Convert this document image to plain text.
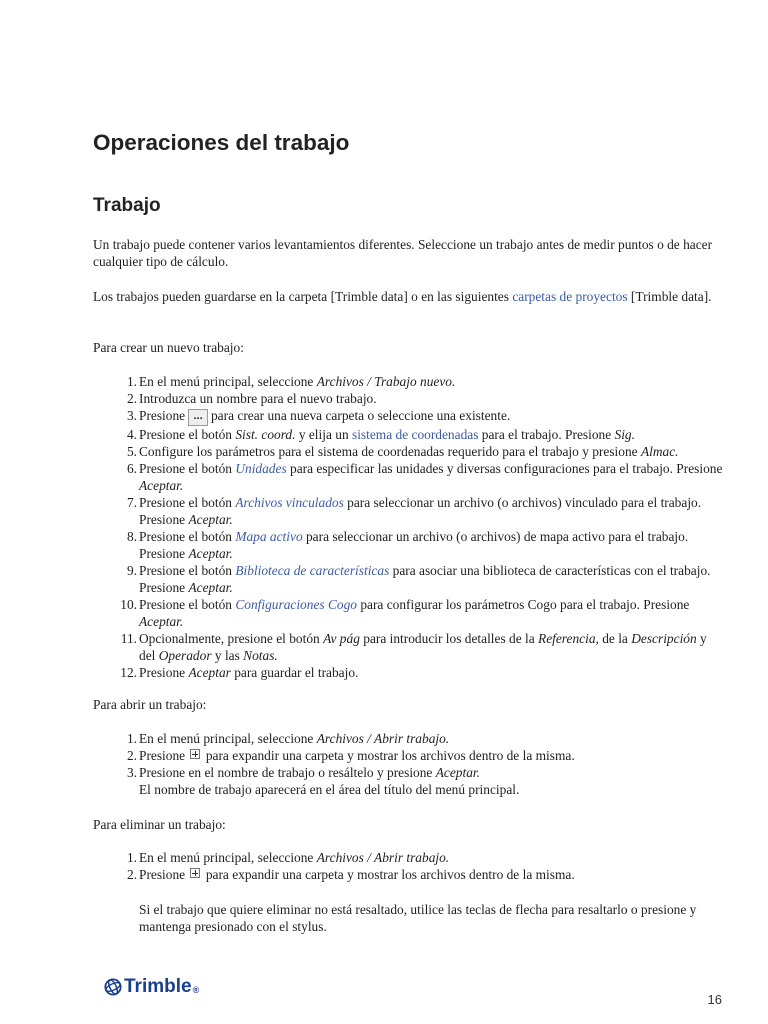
Operaciones del trabajo
Trabajo

Un trabajo puede contener varios levantamientos diferentes. Seleccione un trabajo antes de medir puntos o de hacer cualquier tipo de cálculo.

Los trabajos pueden guardarse en la carpeta [Trimble data] o en las siguientes carpetas de proyectos [Trimble data].

Para crear un nuevo trabajo:

1. En el menú principal, seleccione Archivos / Trabajo nuevo.
2. Introduzca un nombre para el nuevo trabajo.
3. Presione ... para crear una nueva carpeta o seleccione una existente.
4. Presione el botón Sist. coord. y elija un sistema de coordenadas para el trabajo. Presione Sig.
5. Configure los parámetros para el sistema de coordenadas requerido para el trabajo y presione Almac.
6. Presione el botón Unidades para especificar las unidades y diversas configuraciones para el trabajo. Presione Aceptar.
7. Presione el botón Archivos vinculados para seleccionar un archivo (o archivos) vinculado para el trabajo. Presione Aceptar.
8. Presione el botón Mapa activo para seleccionar un archivo (o archivos) de mapa activo para el trabajo. Presione Aceptar.
9. Presione el botón Biblioteca de características para asociar una biblioteca de características con el trabajo. Presione Aceptar.
10. Presione el botón Configuraciones Cogo para configurar los parámetros Cogo para el trabajo. Presione Aceptar.
11. Opcionalmente, presione el botón Av pág para introducir los detalles de la Referencia, de la Descripción y del Operador y las Notas.
12. Presione Aceptar para guardar el trabajo.

Para abrir un trabajo:

1. En el menú principal, seleccione Archivos / Abrir trabajo.
2. Presione  para expandir una carpeta y mostrar los archivos dentro de la misma.
3. Presione en el nombre de trabajo o resáltelo y presione Aceptar.
El nombre de trabajo aparecerá en el área del título del menú principal.

Para eliminar un trabajo:

1. En el menú principal, seleccione Archivos / Abrir trabajo.
2. Presione  para expandir una carpeta y mostrar los archivos dentro de la misma.

Si el trabajo que quiere eliminar no está resaltado, utilice las teclas de flecha para resaltarlo o presione y mantenga presionado con el stylus.

Trimble ®
16
